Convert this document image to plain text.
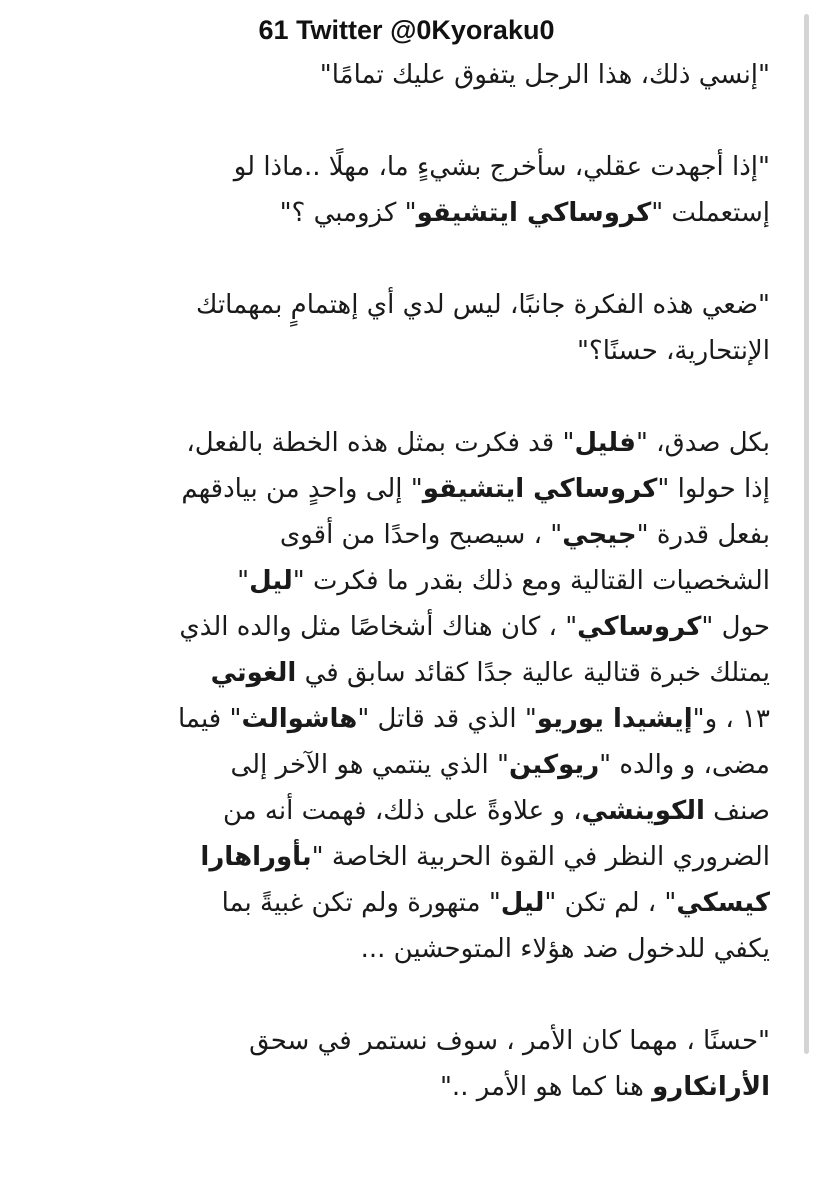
61 Twitter @0Kyoraku0
"إنسي ذلك، هذا الرجل يتفوق عليك تمامًا"
"إذا أجهدت عقلي، سأخرج بشيءٍ ما، مهلًا ..ماذا لو
إستعملت "كروساكي ايتشيقو" كزومبي ؟"
"ضعي هذه الفكرة جانبًا، ليس لدي أي إهتمامٍ بمهماتك
الإنتحارية، حسنًا؟"
بكل صدق، "فليل" قد فكرت بمثل هذه الخطة بالفعل،
إذا حولوا "كروساكي ايتشيقو" إلى واحدٍ من بيادقهم
بفعل قدرة "جيجي" ، سيصبح واحدًا من أقوى
الشخصيات القتالية ومع ذلك بقدر ما فكرت "ليل"
حول "كروساكي" ، كان هناك أشخاصًا مثل والده الذي
يمتلك خبرة قتالية عالية جدًا كقائد سابق في الغوتي
١٣ ، و"إيشيدا يوريو" الذي قد قاتل "هاشوالث" فيما
مضى، و والده "ريوكين" الذي ينتمي هو الآخر إلى
صنف الكوينشي، و علاوةً على ذلك، فهمت أنه من
الضروري النظر في القوة الحربية الخاصة "بأوراهارا
كيسكي" ، لم تكن "ليل" متهورة ولم تكن غبيةً بما
يكفي للدخول ضد هؤلاء المتوحشين ...
"حسنًا ، مهما كان الأمر ، سوف نستمر في سحق
الأرانكارو هنا كما هو الأمر .."
